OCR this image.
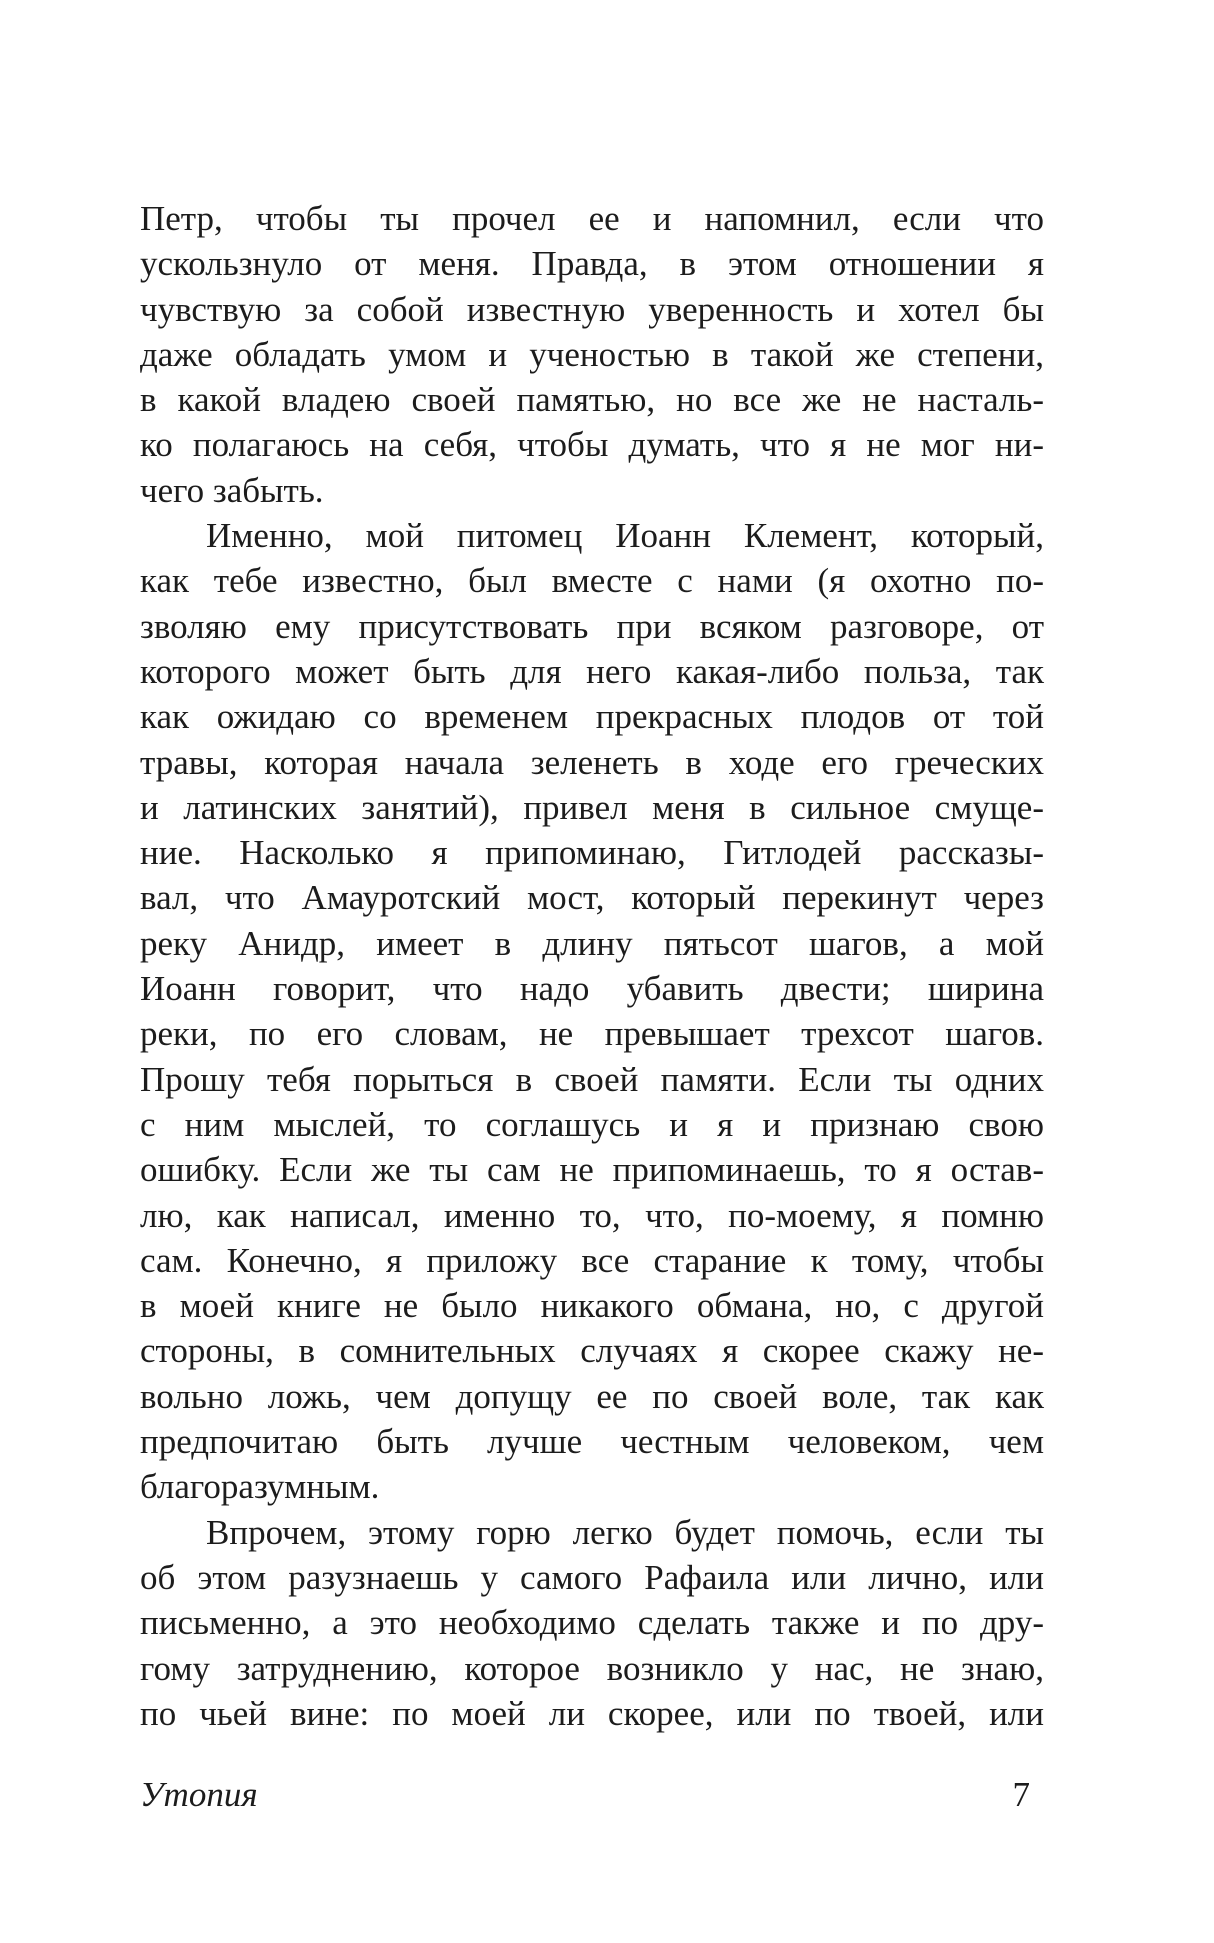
Петр, чтобы ты прочел ее и напомнил, если что
ускользнуло от меня. Правда, в этом отношении я
чувствую за собой известную уверенность и хотел бы
даже обладать умом и ученостью в такой же степени,
в какой владею своей памятью, но все же не насталь-
ко полагаюсь на себя, чтобы думать, что я не мог ни-
чего забыть.
Именно, мой питомец Иоанн Клемент, который,
как тебе известно, был вместе с нами (я охотно по-
зволяю ему присутствовать при всяком разговоре, от
которого может быть для него какая-либо польза, так
как ожидаю со временем прекрасных плодов от той
травы, которая начала зеленеть в ходе его греческих
и латинских занятий), привел меня в сильное смуще-
ние. Насколько я припоминаю, Гитлодей рассказы-
вал, что Амауротский мост, который перекинут через
реку Анидр, имеет в длину пятьсот шагов, а мой
Иоанн говорит, что надо убавить двести; ширина
реки, по его словам, не превышает трехсот шагов.
Прошу тебя порыться в своей памяти. Если ты одних
с ним мыслей, то соглашусь и я и признаю свою
ошибку. Если же ты сам не припоминаешь, то я остав-
лю, как написал, именно то, что, по-моему, я помню
сам. Конечно, я приложу все старание к тому, чтобы
в моей книге не было никакого обмана, но, с другой
стороны, в сомнительных случаях я скорее скажу не-
вольно ложь, чем допущу ее по своей воле, так как
предпочитаю быть лучше честным человеком, чем
благоразумным.
Впрочем, этому горю легко будет помочь, если ты
об этом разузнаешь у самого Рафаила или лично, или
письменно, а это необходимо сделать также и по дру-
гому затруднению, которое возникло у нас, не знаю,
по чьей вине: по моей ли скорее, или по твоей, или
Утопия	7
